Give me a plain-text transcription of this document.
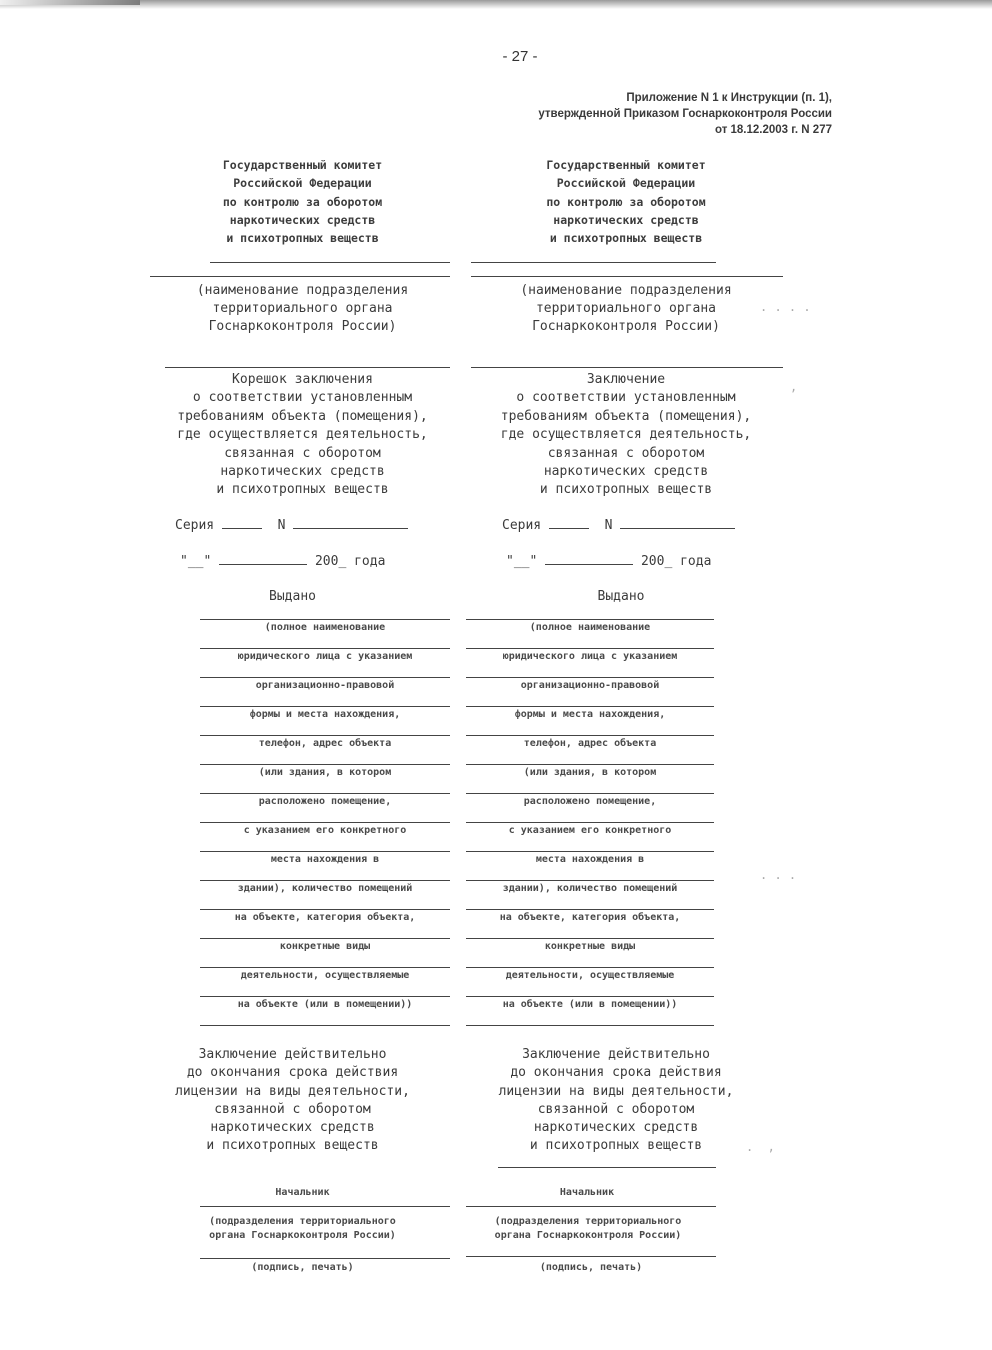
- 27 -
Приложение N 1 к Инструкции (п. 1),
утвержденной Приказом Госнаркоконтроля России
от 18.12.2003 г. N 277
Государственный комитет
Российской Федерации
по контролю за оборотом
наркотических средств
и психотропных веществ
(наименование подразделения
территориального органа
Госнаркоконтроля России)
Корешок заключения
о соответствии установленным
требованиям объекта (помещения),
где осуществляется деятельность,
связанная с оборотом
наркотических средств
и психотропных веществ
Серия	N
"__"	200_ года
Выдано
(полное наименование
юридического лица с указанием
организационно-правовой
формы и места нахождения,
телефон, адрес объекта
(или здания, в котором
расположено помещение,
с указанием его конкретного
места нахождения в
здании), количество помещений
на объекте, категория объекта,
конкретные виды
деятельности, осуществляемые
на объекте (или в помещении))
Заключение действительно
до окончания срока действия
лицензии на виды деятельности,
связанной с оборотом
наркотических средств
и психотропных веществ
Начальник
(подразделения территориального
органа Госнаркоконтроля России)
(подпись, печать)
Государственный комитет
Российской Федерации
по контролю за оборотом
наркотических средств
и психотропных веществ
(наименование подразделения
территориального органа
Госнаркоконтроля России)
Заключение
о соответствии установленным
требованиям объекта (помещения),
где осуществляется деятельность,
связанная с оборотом
наркотических средств
и психотропных веществ
Серия	N
"__"	200_ года
Выдано
(полное наименование
юридического лица с указанием
организационно-правовой
формы и места нахождения,
телефон, адрес объекта
(или здания, в котором
расположено помещение,
с указанием его конкретного
места нахождения в
здании), количество помещений
на объекте, категория объекта,
конкретные виды
деятельности, осуществляемые
на объекте (или в помещении))
Заключение действительно
до окончания срока действия
лицензии на виды деятельности,
связанной с оборотом
наркотических средств
и психотропных веществ
Начальник
(подразделения территориального
органа Госнаркоконтроля России)
(подпись, печать)
. . . .
,
. . .
.  ,
